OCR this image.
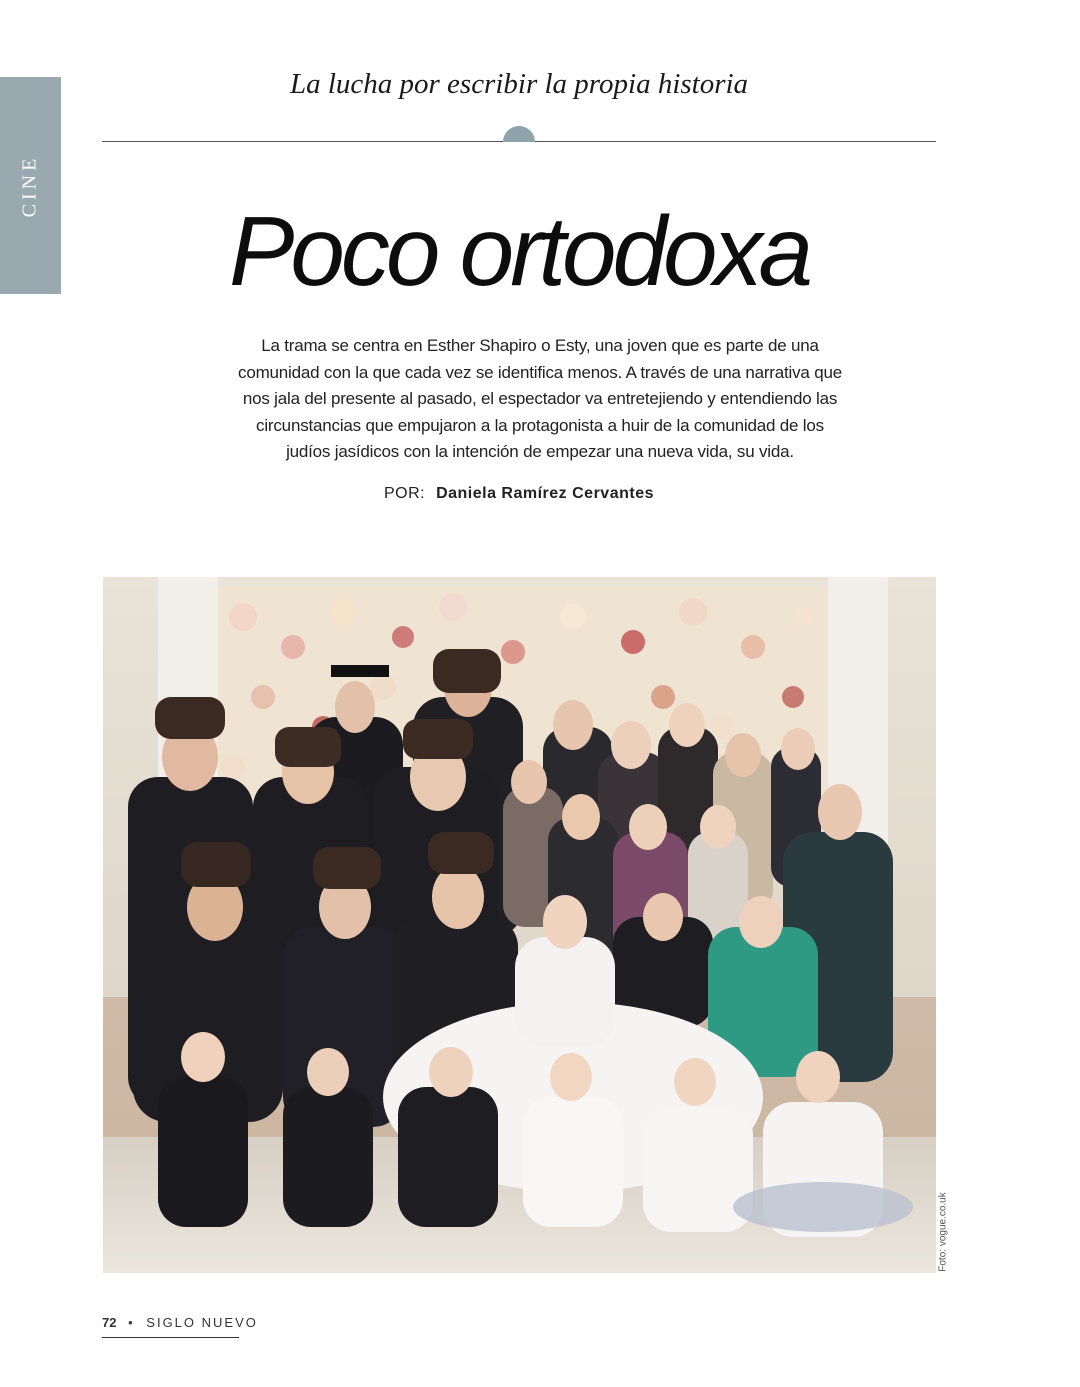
CINE
La lucha por escribir la propia historia
Poco ortodoxa
La trama se centra en Esther Shapiro o Esty, una joven que es parte de una
comunidad con la que cada vez se identifica menos. A través de una narrativa que
nos jala del presente al pasado, el espectador va entretejiendo y entendiendo las
circunstancias que empujaron a la protagonista a huir de la comunidad de los
judíos jasídicos con la intención de empezar una nueva vida, su vida.
POR: Daniela Ramírez Cervantes
Foto: vogue.co.uk
72 • SIGLO NUEVO
